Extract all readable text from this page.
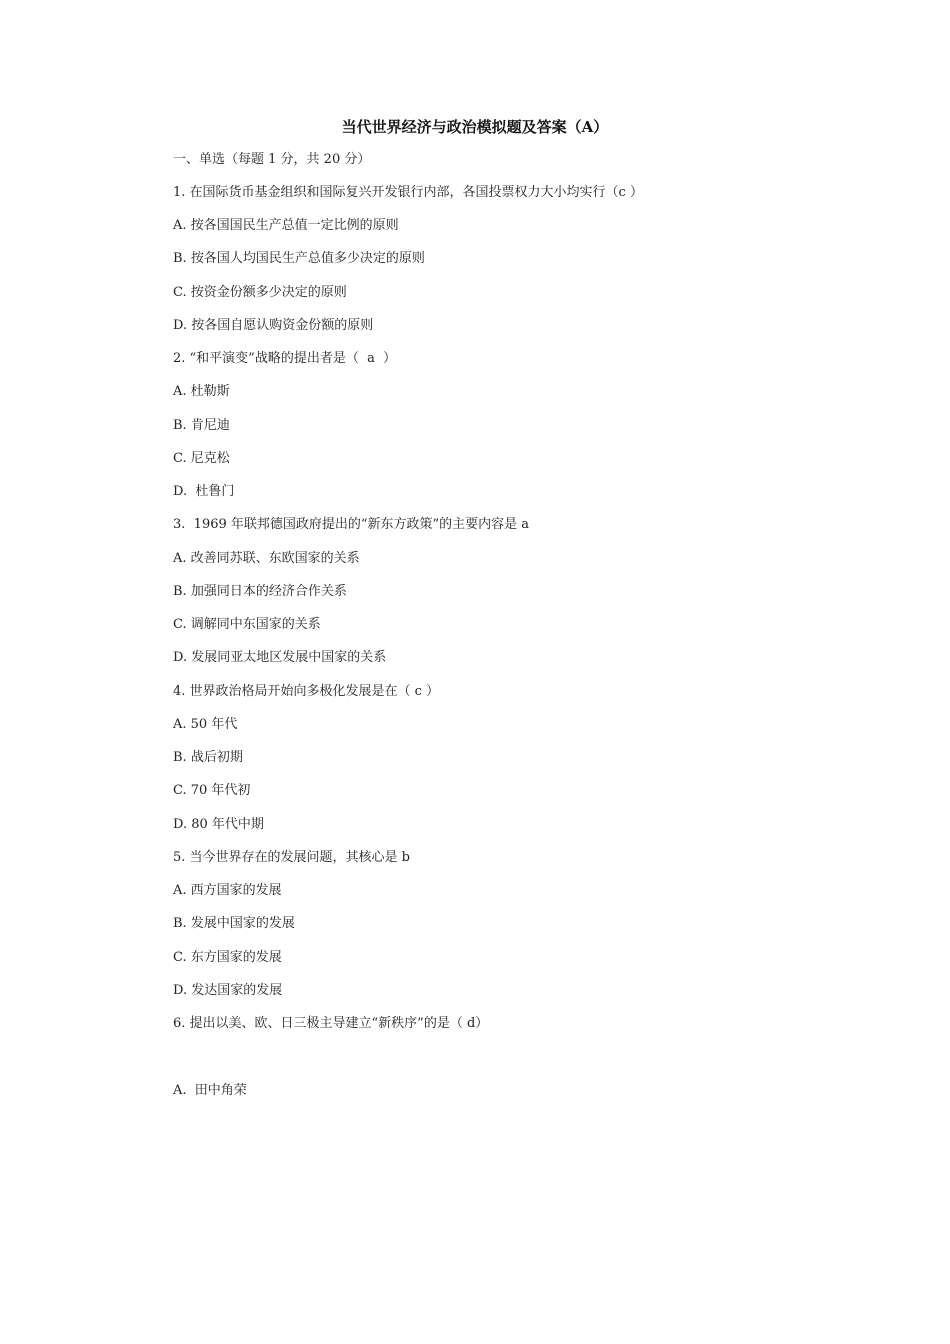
当代世界经济与政治模拟题及答案（A）
一、单选（每题 1 分，共 20 分）
1. 在国际货币基金组织和国际复兴开发银行内部，各国投票权力大小均实行（c ）
A. 按各国国民生产总值一定比例的原则
B. 按各国人均国民生产总值多少决定的原则
C. 按资金份额多少决定的原则
D. 按各国自愿认购资金份额的原则
2. “和平演变”战略的提出者是（  a  ）
A. 杜勒斯
B. 肯尼迪
C. 尼克松
D.  杜鲁门
3.  1969 年联邦德国政府提出的“新东方政策”的主要内容是 a
A. 改善同苏联、东欧国家的关系
B. 加强同日本的经济合作关系
C. 调解同中东国家的关系
D. 发展同亚太地区发展中国家的关系
4. 世界政治格局开始向多极化发展是在（ c ）
A. 50 年代
B. 战后初期
C. 70 年代初
D. 80 年代中期
5. 当今世界存在的发展问题，其核心是 b
A. 西方国家的发展
B. 发展中国家的发展
C. 东方国家的发展
D. 发达国家的发展
6. 提出以美、欧、日三极主导建立“新秩序”的是（ d）
A.  田中角荣
